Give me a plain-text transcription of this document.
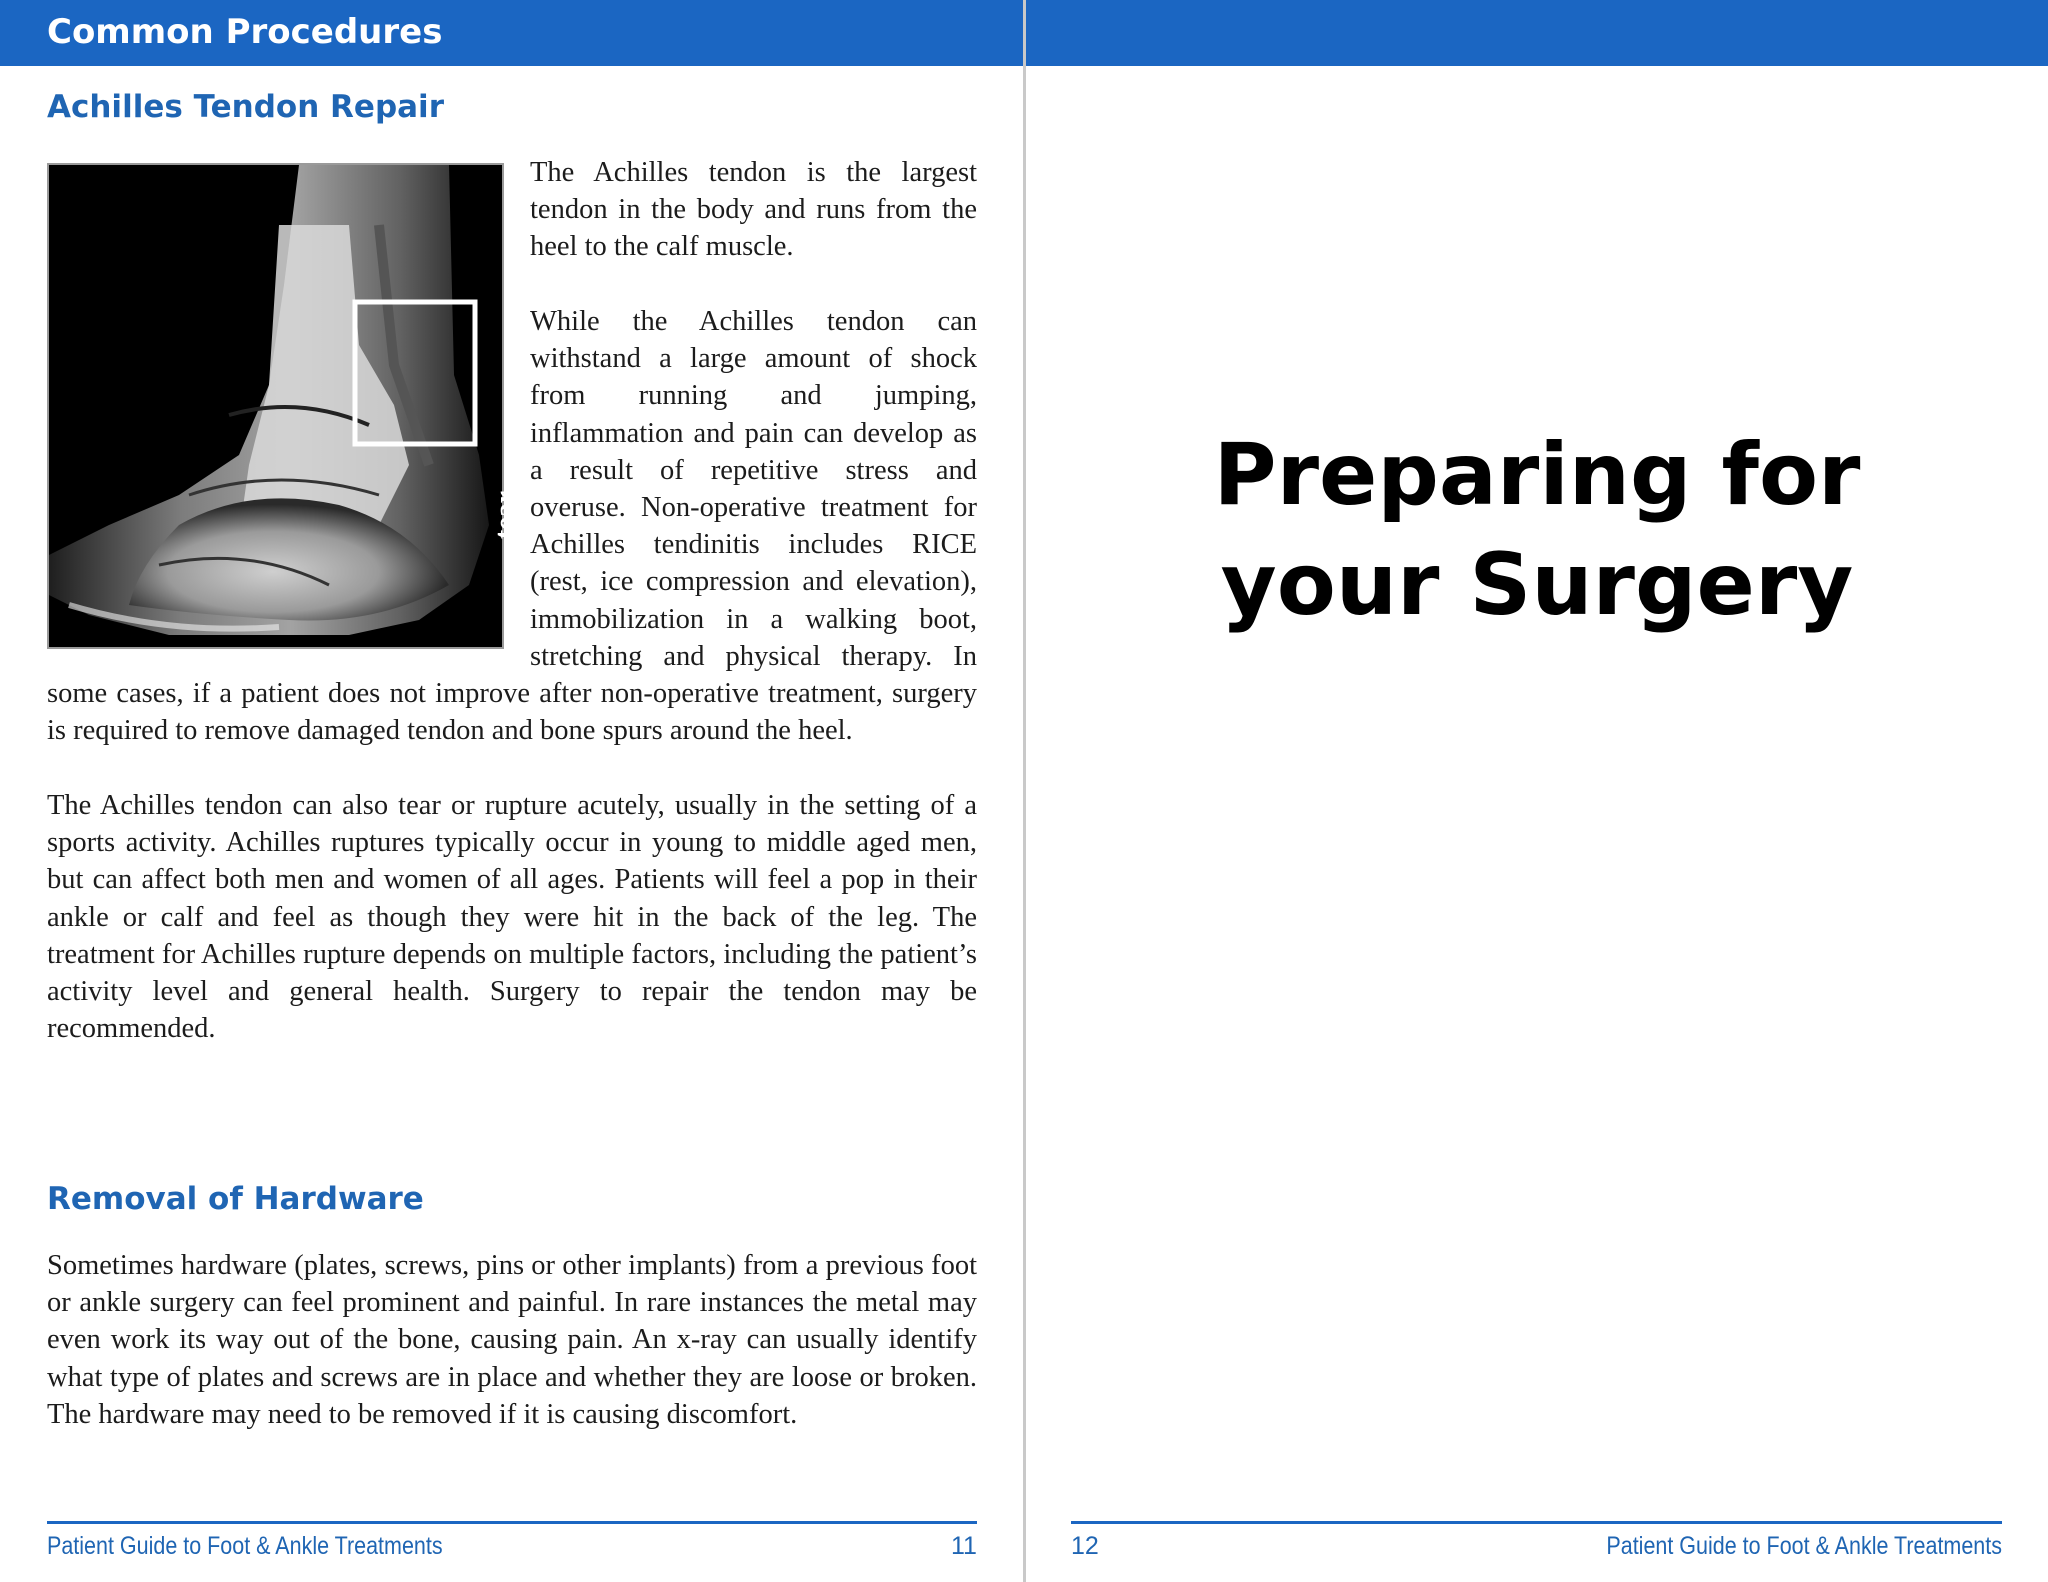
Common Procedures
Achilles Tendon Repair
tear

The Achilles tendon is the largest tendon in the body and runs from the heel to the calf muscle.

While the Achilles tendon can withstand a large amount of shock from running and jumping, inflammation and pain can develop as a result of repetitive stress and overuse. Non-operative treatment for Achilles tendinitis includes RICE (rest, ice compression and elevation), immobilization in a walking boot, stretching and physical therapy. In

some cases, if a patient does not improve after non-operative treatment, surgery is required to remove damaged tendon and bone spurs around the heel.

The Achilles tendon can also tear or rupture acutely, usually in the setting of a sports activity. Achilles ruptures typically occur in young to middle aged men, but can affect both men and women of all ages. Patients will feel a pop in their ankle or calf and feel as though they were hit in the back of the leg. The treatment for Achilles rupture depends on multiple factors, including the patient’s activity level and general health. Surgery to repair the tendon may be recommended.

Removal of Hardware

Sometimes hardware (plates, screws, pins or other implants) from a previous foot or ankle surgery can feel prominent and painful. In rare instances the metal may even work its way out of the bone, causing pain. An x-ray can usually identify what type of plates and screws are in place and whether they are loose or broken. The hardware may need to be removed if it is causing discomfort.

Patient Guide to Foot & Ankle Treatments	11
Preparing for
your Surgery
12	Patient Guide to Foot & Ankle Treatments
